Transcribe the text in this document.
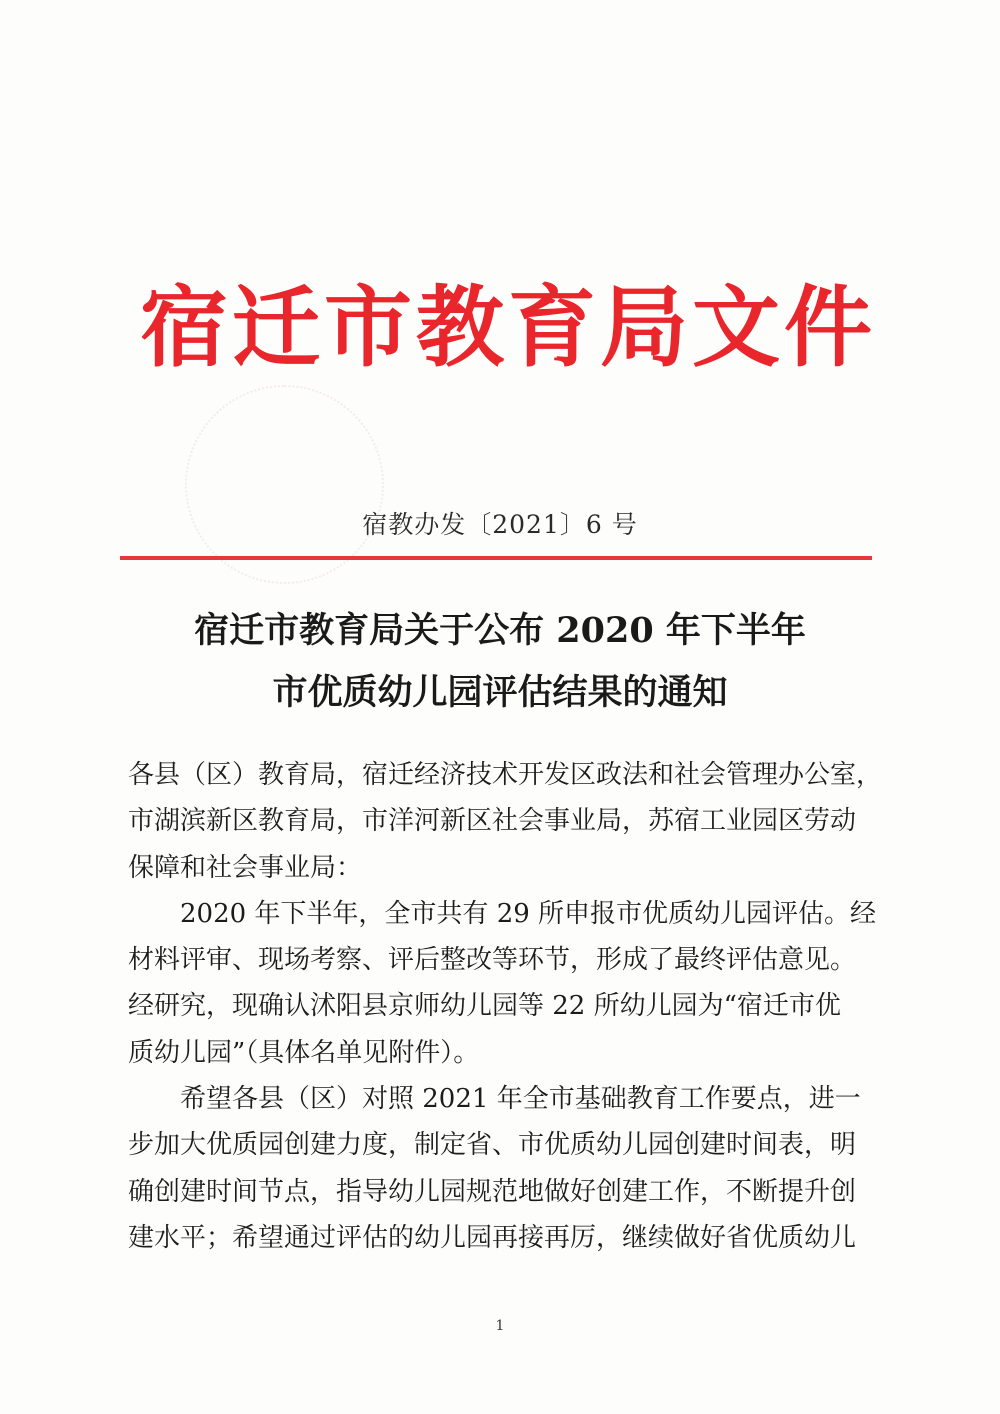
宿迁市教育局文件
宿教办发〔2021〕6 号
宿迁市教育局关于公布 2020 年下半年
市优质幼儿园评估结果的通知
各县（区）教育局，宿迁经济技术开发区政法和社会管理办公室，
市湖滨新区教育局，市洋河新区社会事业局，苏宿工业园区劳动
保障和社会事业局：
2020 年下半年，全市共有 29 所申报市优质幼儿园评估。经
材料评审、现场考察、评后整改等环节，形成了最终评估意见。
经研究，现确认沭阳县京师幼儿园等 22 所幼儿园为“宿迁市优
质幼儿园”（具体名单见附件）。
希望各县（区）对照 2021 年全市基础教育工作要点，进一
步加大优质园创建力度，制定省、市优质幼儿园创建时间表，明
确创建时间节点，指导幼儿园规范地做好创建工作，不断提升创
建水平；希望通过评估的幼儿园再接再厉，继续做好省优质幼儿
1
